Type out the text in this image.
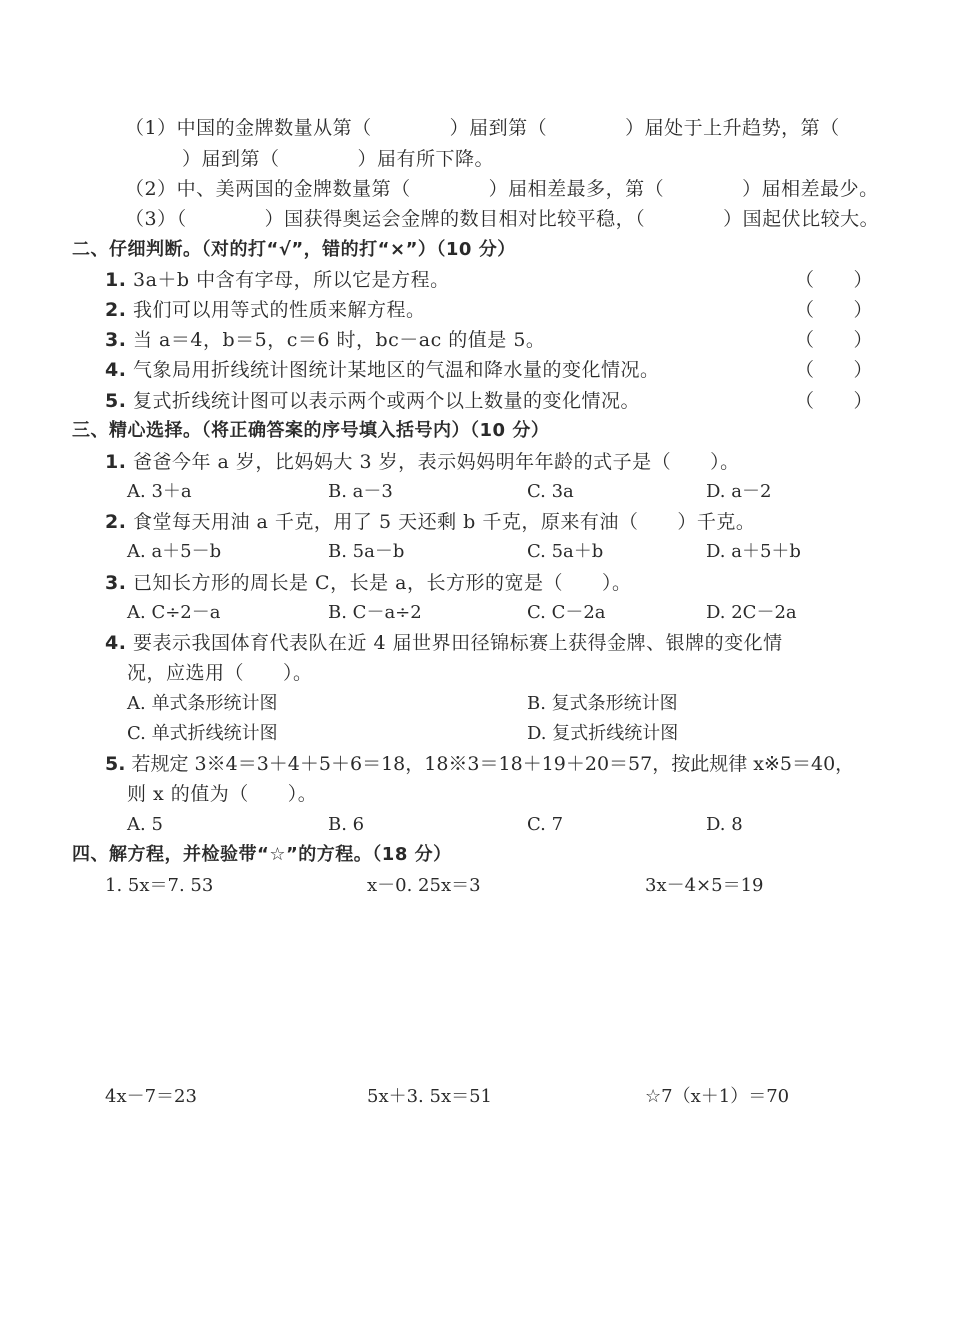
（1）中国的金牌数量从第（　　　　）届到第（　　　　）届处于上升趋势，第（
）届到第（　　　　）届有所下降。
（2）中、美两国的金牌数量第（　　　　）届相差最多，第（　　　　）届相差最少。
（3）（　　　　）国获得奥运会金牌的数目相对比较平稳，（　　　　）国起伏比较大。
二、仔细判断。（对的打“√”，错的打“×”）（10 分）
1. 3a＋b 中含有字母，所以它是方程。	（　　）
2. 我们可以用等式的性质来解方程。	（　　）
3. 当 a＝4，b＝5，c＝6 时，bc－ac 的值是 5。	（　　）
4. 气象局用折线统计图统计某地区的气温和降水量的变化情况。	（　　）
5. 复式折线统计图可以表示两个或两个以上数量的变化情况。	（　　）
三、精心选择。（将正确答案的序号填入括号内）（10 分）
1. 爸爸今年 a 岁，比妈妈大 3 岁，表示妈妈明年年龄的式子是（　　）。
A. 3＋a	B. a－3	C. 3a	D. a－2
2. 食堂每天用油 a 千克，用了 5 天还剩 b 千克，原来有油（　　）千克。
A. a＋5－b	B. 5a－b	C. 5a＋b	D. a＋5＋b
3. 已知长方形的周长是 C，长是 a，长方形的宽是（　　）。
A. C÷2－a	B. C－a÷2	C. C－2a	D. 2C－2a
4. 要表示我国体育代表队在近 4 届世界田径锦标赛上获得金牌、银牌的变化情
况，应选用（　　）。
A. 单式条形统计图	B. 复式条形统计图
C. 单式折线统计图	D. 复式折线统计图
5. 若规定 3※4＝3＋4＋5＋6＝18，18※3＝18＋19＋20＝57，按此规律 x※5＝40，
则 x 的值为（　　）。
A. 5	B. 6	C. 7	D. 8
四、解方程，并检验带“☆”的方程。（18 分）
1. 5x＝7. 53	x－0. 25x＝3	3x－4×5＝19
4x－7＝23	5x＋3. 5x＝51	☆7（x＋1）＝70
